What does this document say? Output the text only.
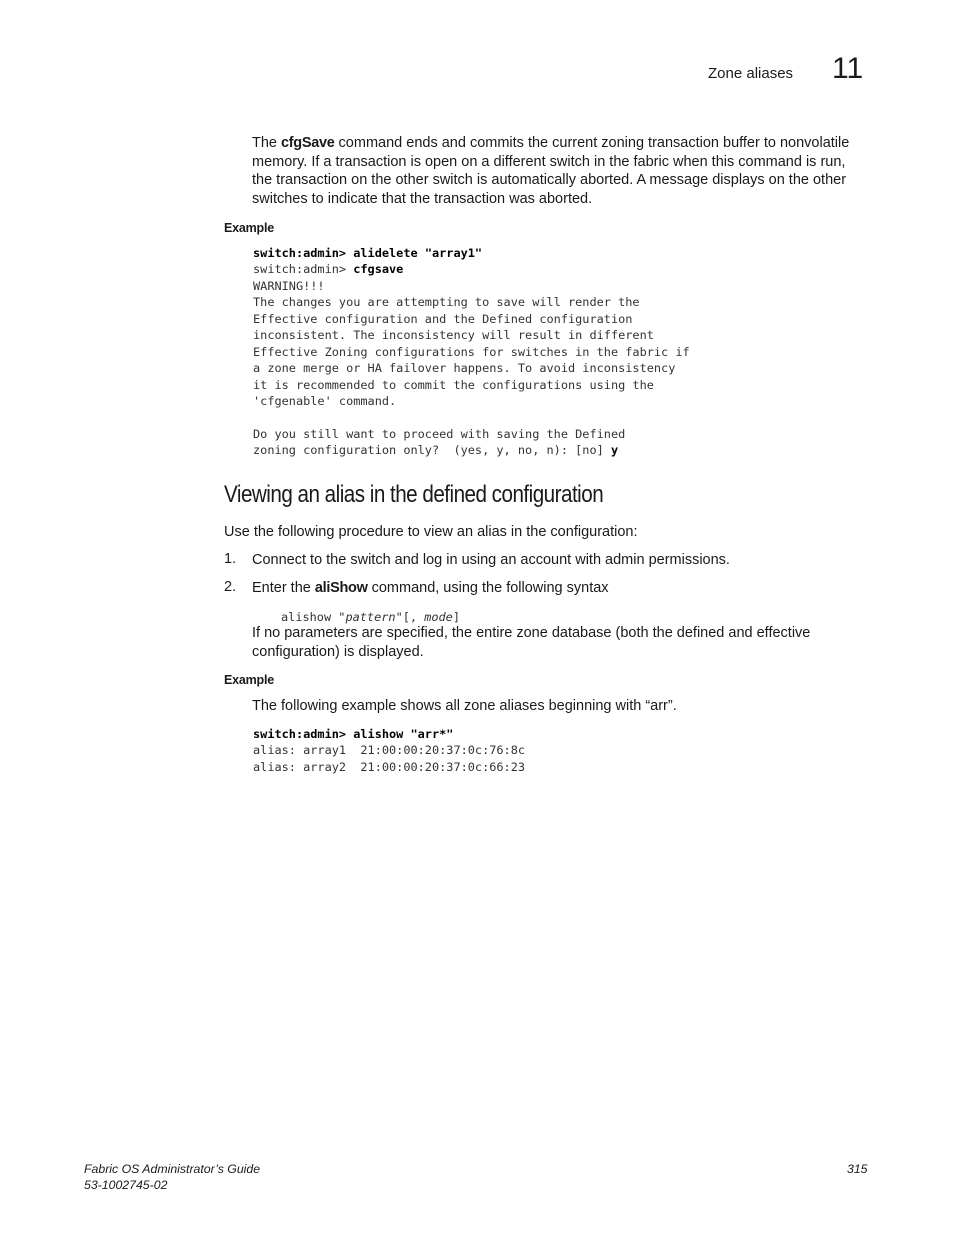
Zone aliases 11

The cfgSave command ends and commits the current zoning transaction buffer to nonvolatile memory. If a transaction is open on a different switch in the fabric when this command is run, the transaction on the other switch is automatically aborted. A message displays on the other switches to indicate that the transaction was aborted.

Example
switch:admin> alidelete "array1"
switch:admin> cfgsave
WARNING!!!
The changes you are attempting to save will render the
Effective configuration and the Defined configuration
inconsistent. The inconsistency will result in different
Effective Zoning configurations for switches in the fabric if
a zone merge or HA failover happens. To avoid inconsistency
it is recommended to commit the configurations using the
'cfgenable' command.

Do you still want to proceed with saving the Defined
zoning configuration only?  (yes, y, no, n): [no] y
Viewing an alias in the defined configuration

Use the following procedure to view an alias in the configuration:

1. Connect to the switch and log in using an account with admin permissions.

2. Enter the aliShow command, using the following syntax

alishow "pattern"[, mode]

If no parameters are specified, the entire zone database (both the defined and effective configuration) is displayed.

Example

The following example shows all zone aliases beginning with “arr”.

switch:admin> alishow "arr*"
alias: array1  21:00:00:20:37:0c:76:8c
alias: array2  21:00:00:20:37:0c:66:23
Fabric OS Administrator’s Guide
53-1002745-02
315
